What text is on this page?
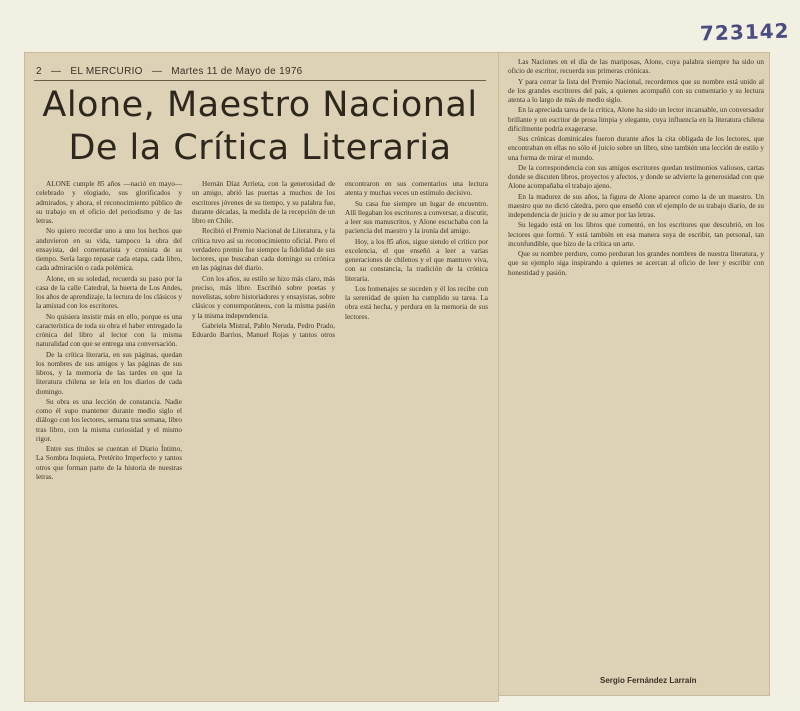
723142
2 — EL MERCURIO — Martes 11 de Mayo de 1976
Alone, Maestro Nacional
De la Crítica Literaria

ALONE cumple 85 años —nació en mayo— celebrado y elogiado, sus glorificados y admirados, y ahora, el reconocimiento público de su trabajo en el oficio del periodismo y de las letras.

No quiero recordar uno a uno los hechos que anduvieron en su vida, tampoco la obra del ensayista, del comentarista y cronista de su tiempo. Sería largo repasar cada etapa, cada libro, cada admiración o cada polémica.

Alone, en su soledad, recuerda su paso por la casa de la calle Catedral, la huerta de Los Andes, los años de aprendizaje, la lectura de los clásicos y la amistad con los escritores.

No quisiera insistir más en ello, porque es una característica de toda su obra el haber entregado la crónica del libro al lector con la misma naturalidad con que se entrega una conversación.

De la crítica literaria, en sus páginas, quedan los nombres de sus amigos y las páginas de sus libros, y la memoria de las tardes en que la literatura chilena se leía en los diarios de cada domingo.

Su obra es una lección de constancia. Nadie como él supo mantener durante medio siglo el diálogo con los lectores, semana tras semana, libro tras libro, con la misma curiosidad y el mismo rigor.

Entre sus títulos se cuentan el Diario Íntimo, La Sombra Inquieta, Pretérito Imperfecto y tantos otros que forman parte de la historia de nuestras letras.

Hernán Díaz Arrieta, con la generosidad de un amigo, abrió las puertas a muchos de los escritores jóvenes de su tiempo, y su palabra fue, durante décadas, la medida de la recepción de un libro en Chile.

Recibió el Premio Nacional de Literatura, y la crítica tuvo así su reconocimiento oficial. Pero el verdadero premio fue siempre la fidelidad de sus lectores, que buscaban cada domingo su crónica en las páginas del diario.

Con los años, su estilo se hizo más claro, más preciso, más libre. Escribió sobre poetas y novelistas, sobre historiadores y ensayistas, sobre clásicos y contemporáneos, con la misma pasión y la misma independencia.

Gabriela Mistral, Pablo Neruda, Pedro Prado, Eduardo Barrios, Manuel Rojas y tantos otros encontraron en sus comentarios una lectura atenta y muchas veces un estímulo decisivo.

Su casa fue siempre un lugar de encuentro. Allí llegaban los escritores a conversar, a discutir, a leer sus manuscritos, y Alone escuchaba con la paciencia del maestro y la ironía del amigo.

Hoy, a los 85 años, sigue siendo el crítico por excelencia, el que enseñó a leer a varias generaciones de chilenos y el que mantuvo viva, con su constancia, la tradición de la crónica literaria.

Los homenajes se suceden y él los recibe con la serenidad de quien ha cumplido su tarea. La obra está hecha, y perdura en la memoria de sus lectores.

Las Naciones en el día de las mariposas, Alone, cuya palabra siempre ha sido un oficio de escritor, recuerda sus primeras crónicas.

Y para cerrar la lista del Premio Nacional, recordemos que su nombre está unido al de los grandes escritores del país, a quienes acompañó con su comentario y su lectura atenta a lo largo de más de medio siglo.

En la apreciada tarea de la crítica, Alone ha sido un lector incansable, un conversador brillante y un escritor de prosa limpia y elegante, cuya influencia en la literatura chilena difícilmente podría exagerarse.

Sus crónicas dominicales fueron durante años la cita obligada de los lectores, que encontraban en ellas no sólo el juicio sobre un libro, sino también una lección de estilo y una forma de mirar el mundo.

De la correspondencia con sus amigos escritores quedan testimonios valiosos, cartas donde se discuten libros, proyectos y afectos, y donde se advierte la generosidad con que Alone acompañaba el trabajo ajeno.

En la madurez de sus años, la figura de Alone aparece como la de un maestro. Un maestro que no dictó cátedra, pero que enseñó con el ejemplo de su trabajo diario, de su independencia de juicio y de su amor por las letras.

Su legado está en los libros que comentó, en los escritores que descubrió, en los lectores que formó. Y está también en esa manera suya de escribir, tan personal, tan inconfundible, que hizo de la crítica un arte.

Que su nombre perdure, como perduran los grandes nombres de nuestra literatura, y que su ejemplo siga inspirando a quienes se acercan al oficio de leer y escribir con honestidad y pasión.

Sergio Fernández Larraín
